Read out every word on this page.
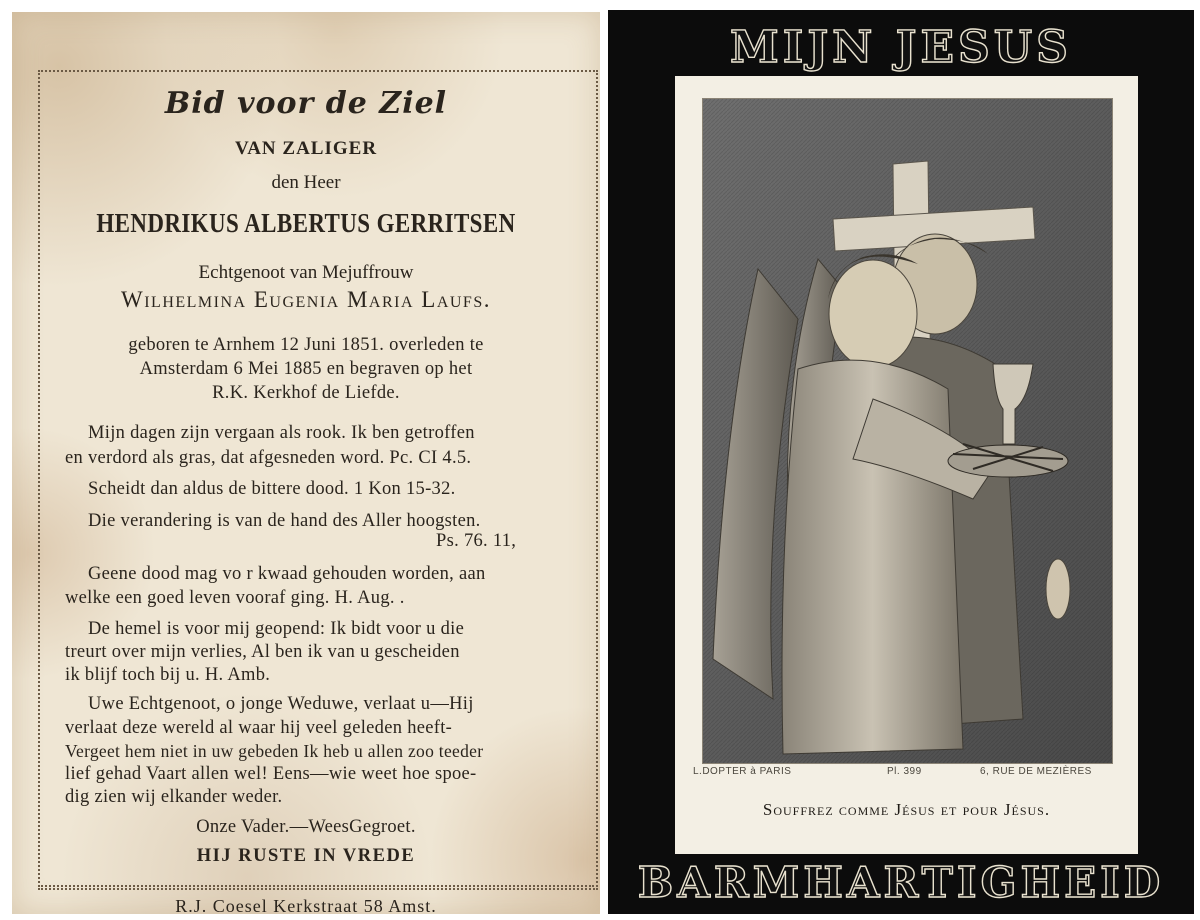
Bid voor de Ziel
VAN ZALIGER
den Heer
HENDRIKUS ALBERTUS GERRITSEN
Echtgenoot van Mejuffrouw
Wilhelmina Eugenia Maria Laufs.
geboren te Arnhem 12 Juni 1851. overleden te
Amsterdam 6 Mei 1885 en begraven op het
R.K. Kerkhof de Liefde.
Mijn dagen zijn vergaan als rook. Ik ben getroffen
en verdord als gras, dat afgesneden word. Pc. CI 4.5.
Scheidt dan aldus de bittere dood. 1 Kon 15-32.
Die verandering is van de hand des Aller hoogsten.
Ps. 76. 11,
Geene dood mag vo r kwaad gehouden worden, aan
welke een goed leven vooraf ging. H. Aug. .
De hemel is voor mij geopend: Ik bidt voor u die
treurt over mijn verlies, Al ben ik van u gescheiden
ik blijf toch bij u. H. Amb.
Uwe Echtgenoot, o jonge Weduwe, verlaat u—Hij
verlaat deze wereld al waar hij veel geleden heeft-
Vergeet hem niet in uw gebeden Ik heb u allen zoo teeder
lief gehad Vaart allen wel! Eens—wie weet hoe spoe-
dig zien wij elkander weder.
Onze Vader.—WeesGegroet.
HIJ RUSTE IN VREDE
R.J. Coesel Kerkstraat 58 Amst.
MIJN JESUS
L.DOPTER à PARIS	Pl. 399	6, RUE DE MEZIÈRES
Souffrez comme Jésus et pour Jésus.
BARMHARTIGHEID
